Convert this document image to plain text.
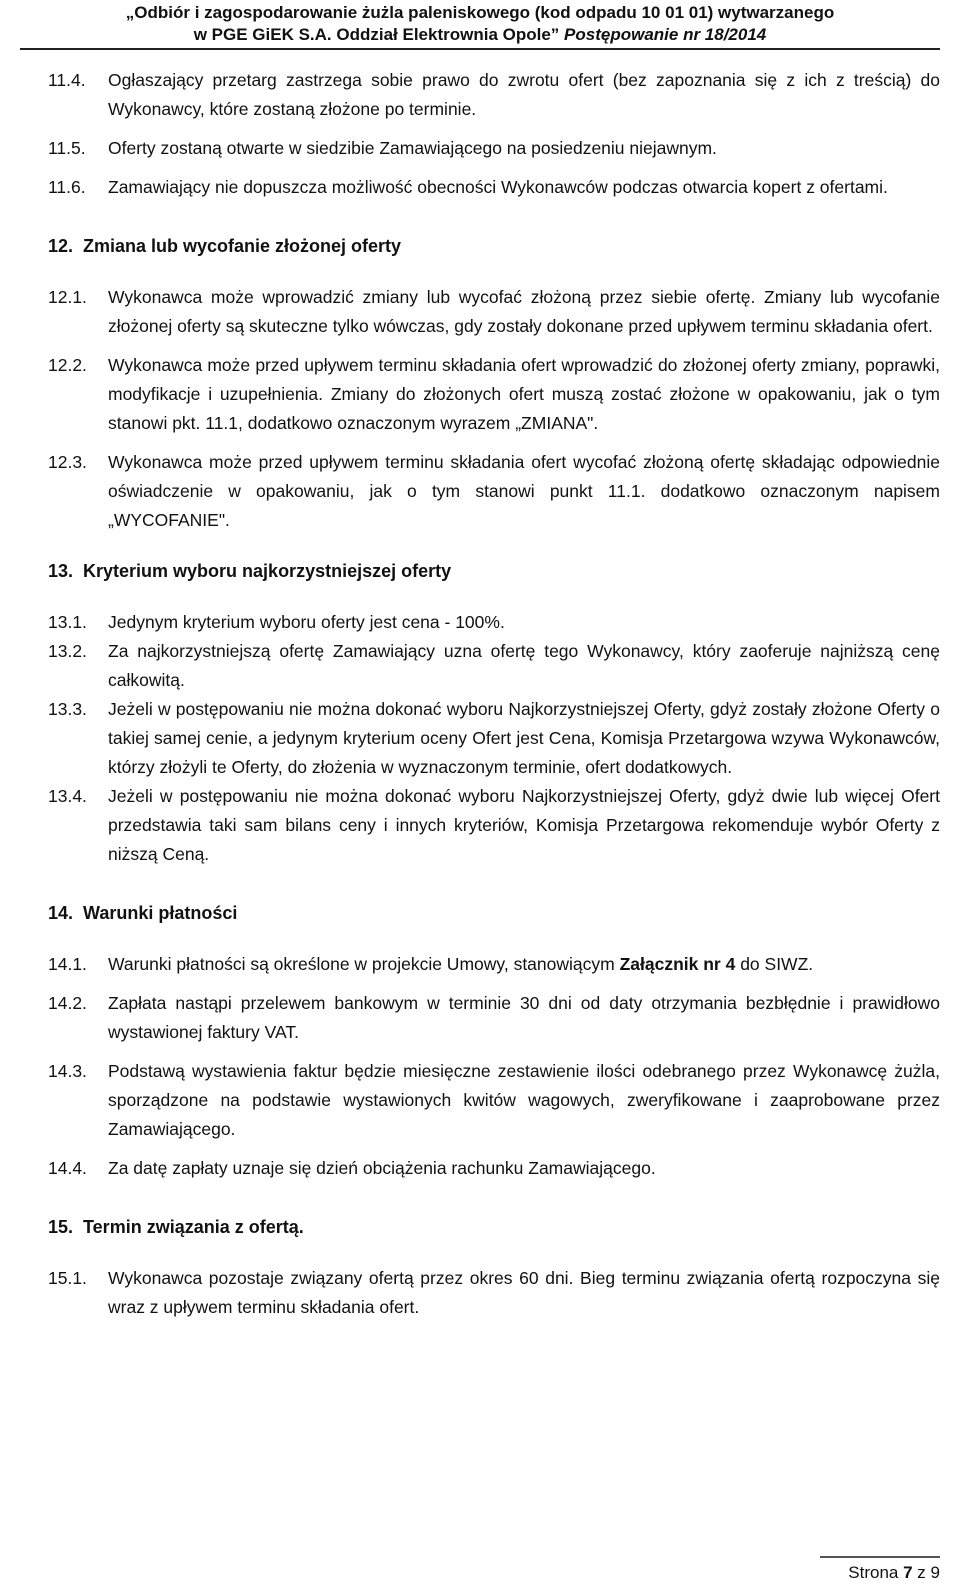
„Odbiór i zagospodarowanie żużla paleniskowego (kod odpadu 10 01 01) wytwarzanego
w PGE GiEK S.A. Oddział Elektrownia Opole” Postępowanie nr 18/2014
11.4.	Ogłaszający przetarg zastrzega sobie prawo do zwrotu ofert (bez zapoznania się z ich z treścią) do Wykonawcy, które zostaną złożone po terminie.
11.5.	Oferty zostaną otwarte w siedzibie Zamawiającego na posiedzeniu niejawnym.
11.6.	Zamawiający nie dopuszcza możliwość obecności Wykonawców podczas otwarcia kopert z ofertami.
12. Zmiana lub wycofanie złożonej oferty
12.1.	Wykonawca może wprowadzić zmiany lub wycofać złożoną przez siebie ofertę. Zmiany lub wycofanie złożonej oferty są skuteczne tylko wówczas, gdy zostały dokonane przed upływem terminu składania ofert.
12.2.	Wykonawca może przed upływem terminu składania ofert wprowadzić do złożonej oferty zmiany, poprawki, modyfikacje i uzupełnienia. Zmiany do złożonych ofert muszą zostać złożone w opakowaniu, jak o tym stanowi pkt. 11.1, dodatkowo oznaczonym wyrazem „ZMIANA".
12.3.	Wykonawca może przed upływem terminu składania ofert wycofać złożoną ofertę składając odpowiednie oświadczenie w opakowaniu, jak o tym stanowi punkt 11.1. dodatkowo oznaczonym napisem „WYCOFANIE".
13. Kryterium wyboru najkorzystniejszej oferty
13.1.	Jedynym kryterium wyboru oferty jest cena - 100%.
13.2.	Za najkorzystniejszą ofertę Zamawiający uzna ofertę tego Wykonawcy, który zaoferuje najniższą cenę całkowitą.
13.3.	Jeżeli w postępowaniu nie można dokonać wyboru Najkorzystniejszej Oferty, gdyż zostały złożone Oferty o takiej samej cenie, a jedynym kryterium oceny Ofert jest Cena, Komisja Przetargowa wzywa Wykonawców, którzy złożyli te Oferty, do złożenia w wyznaczonym terminie, ofert dodatkowych.
13.4.	Jeżeli w postępowaniu nie można dokonać wyboru Najkorzystniejszej Oferty, gdyż dwie lub więcej Ofert przedstawia taki sam bilans ceny i innych kryteriów, Komisja Przetargowa rekomenduje wybór Oferty z niższą Ceną.
14. Warunki płatności
14.1.	Warunki płatności są określone w projekcie Umowy, stanowiącym Załącznik nr 4 do SIWZ.
14.2.	Zapłata nastąpi przelewem bankowym w terminie 30 dni od daty otrzymania bezbłędnie i prawidłowo wystawionej faktury VAT.
14.3.	Podstawą wystawienia faktur będzie miesięczne zestawienie ilości odebranego przez Wykonawcę żużla, sporządzone na podstawie wystawionych kwitów wagowych, zweryfikowane i zaaprobowane przez Zamawiającego.
14.4.	Za datę zapłaty uznaje się dzień obciążenia rachunku Zamawiającego.
15. Termin związania z ofertą.
15.1.	Wykonawca pozostaje związany ofertą przez okres 60 dni. Bieg terminu związania ofertą rozpoczyna się wraz z upływem terminu składania ofert.
Strona 7 z 9
